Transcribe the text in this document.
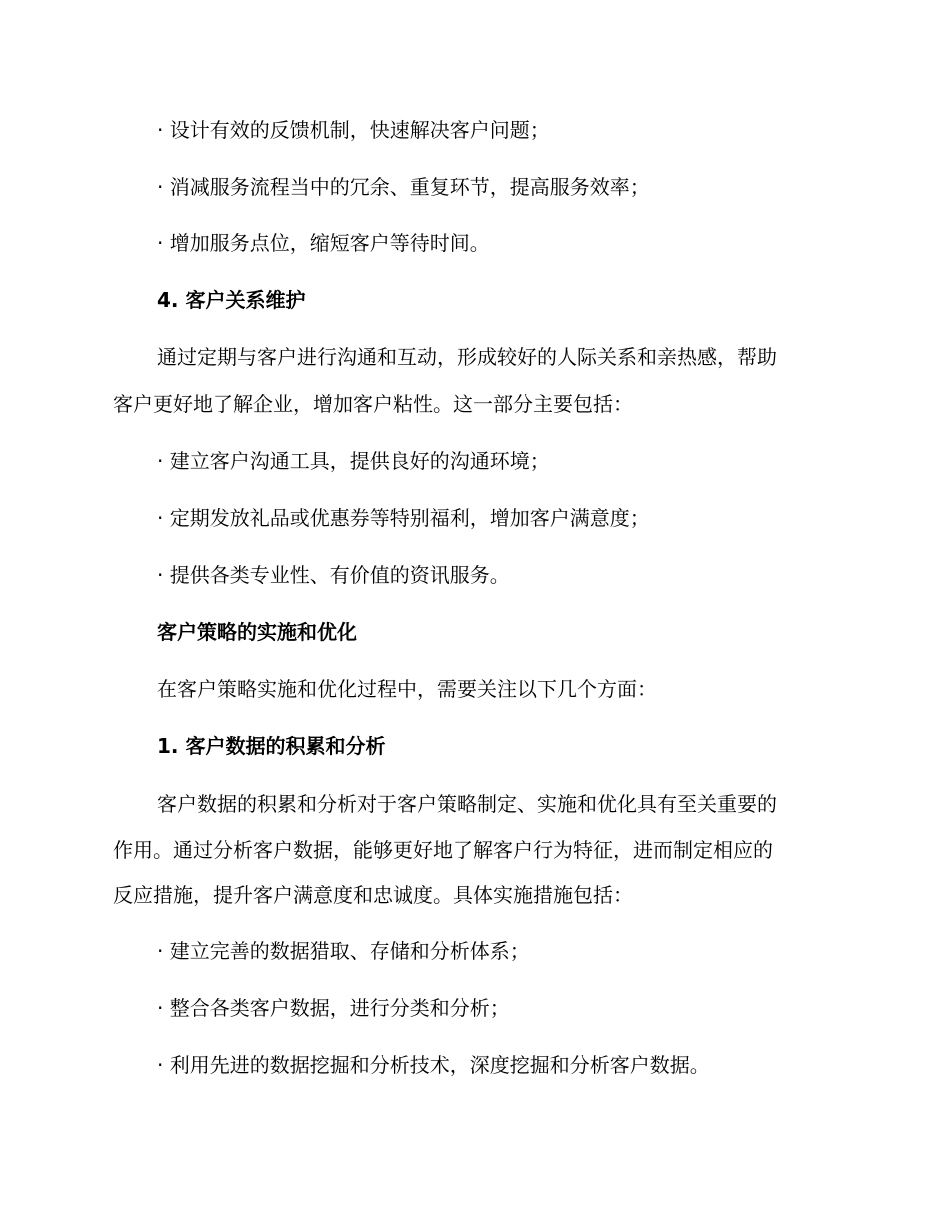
· 设计有效的反馈机制，快速解决客户问题；
· 消减服务流程当中的冗余、重复环节，提高服务效率；
· 增加服务点位，缩短客户等待时间。
4. 客户关系维护
通过定期与客户进行沟通和互动，形成较好的人际关系和亲热感，帮助
客户更好地了解企业，增加客户粘性。这一部分主要包括：
· 建立客户沟通工具，提供良好的沟通环境；
· 定期发放礼品或优惠券等特别福利，增加客户满意度；
· 提供各类专业性、有价值的资讯服务。
客户策略的实施和优化
在客户策略实施和优化过程中，需要关注以下几个方面：
1. 客户数据的积累和分析
客户数据的积累和分析对于客户策略制定、实施和优化具有至关重要的
作用。通过分析客户数据，能够更好地了解客户行为特征，进而制定相应的
反应措施，提升客户满意度和忠诚度。具体实施措施包括：
· 建立完善的数据猎取、存储和分析体系；
· 整合各类客户数据，进行分类和分析；
· 利用先进的数据挖掘和分析技术，深度挖掘和分析客户数据。
